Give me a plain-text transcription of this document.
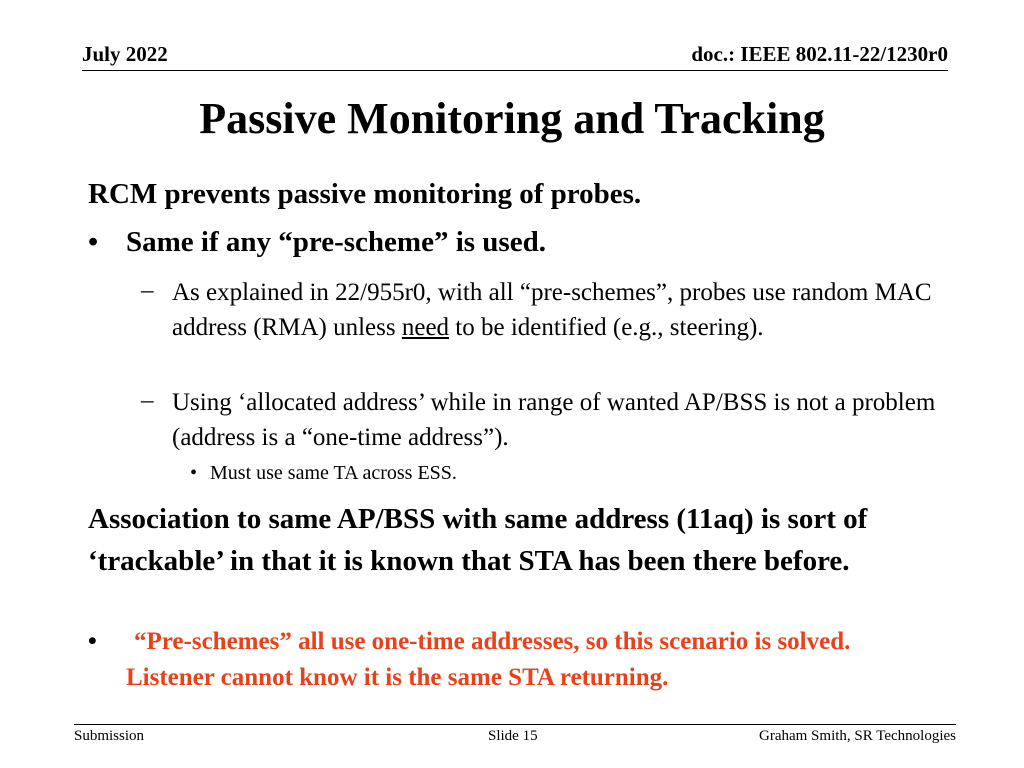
July 2022	doc.: IEEE 802.11-22/1230r0
Passive Monitoring and Tracking
RCM prevents passive monitoring of probes.
• Same if any “pre-scheme” is used.
– As explained in 22/955r0, with all “pre-schemes”, probes use random MAC address (RMA) unless need to be identified (e.g., steering).
– Using ‘allocated address’ while in range of wanted AP/BSS is not a problem (address is a “one-time address”).
• Must use same TA across ESS.
Association to same AP/BSS with same address (11aq) is sort of ‘trackable’ in that it is known that STA has been there before.
•	“Pre-schemes” all use one-time addresses, so this scenario is solved. Listener cannot know it is the same STA returning.
Submission	Slide 15	Graham Smith, SR Technologies
